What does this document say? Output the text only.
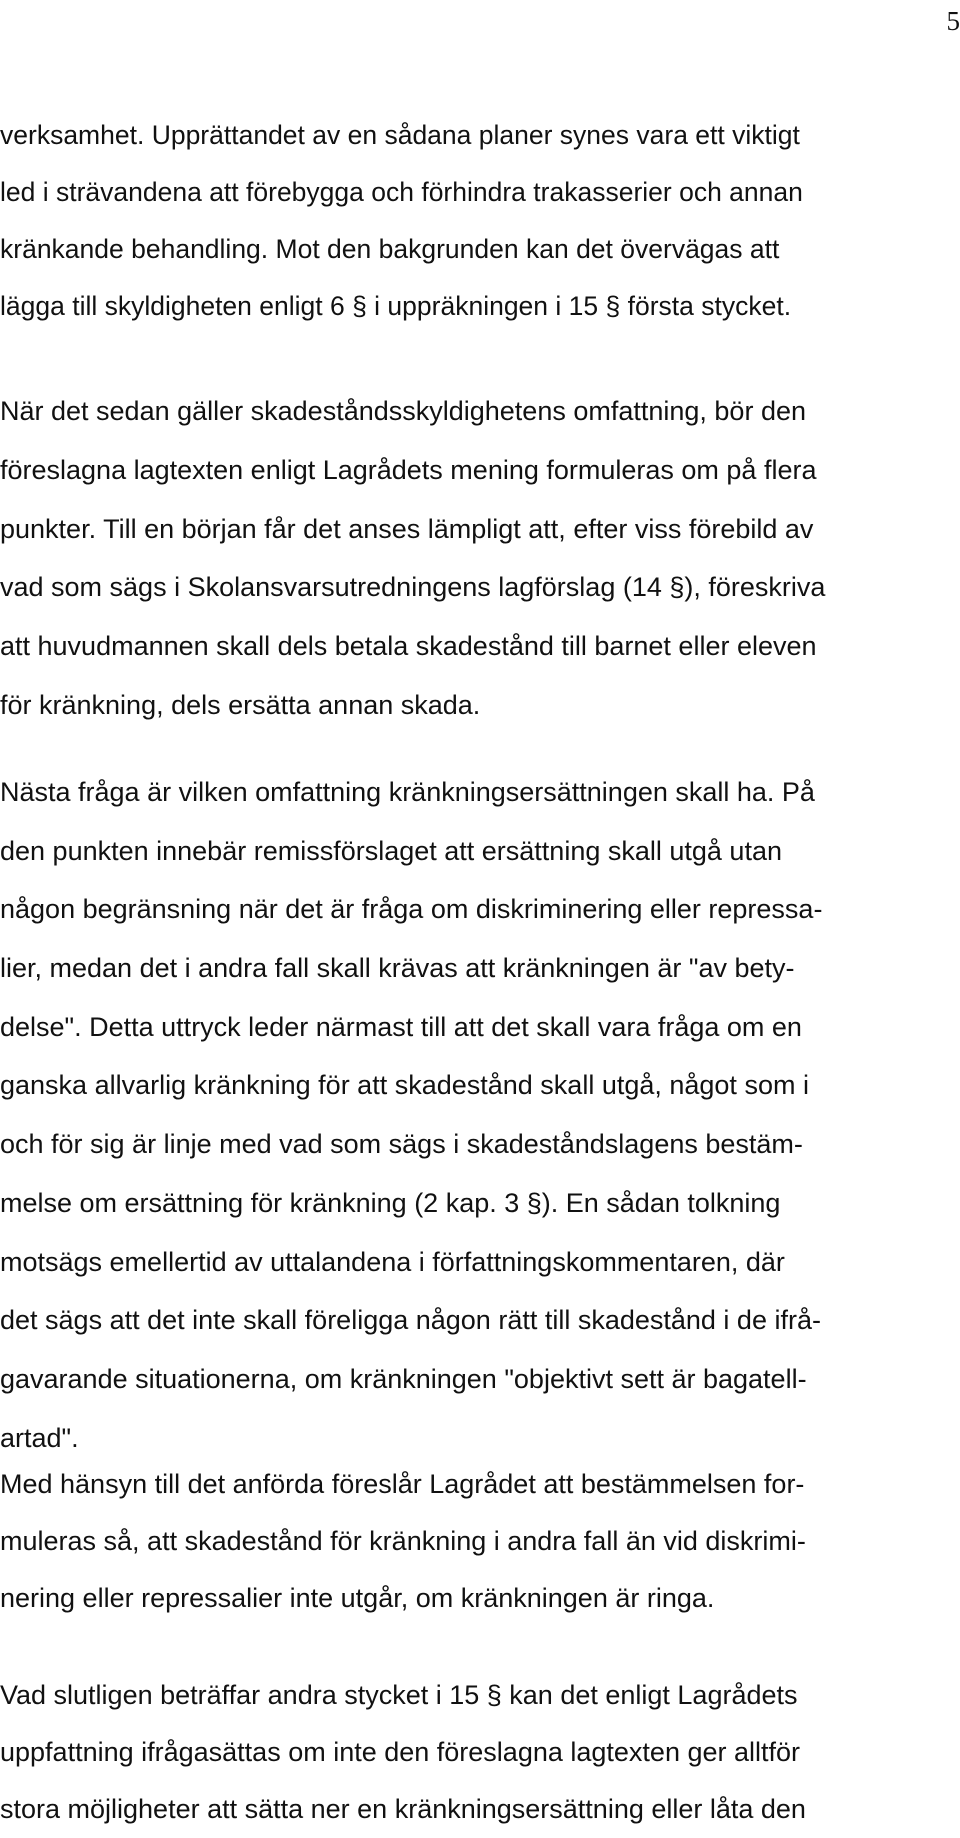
5
verksamhet. Upprättandet av en sådana planer synes vara ett viktigt
led i strävandena att förebygga och förhindra trakasserier och annan
kränkande behandling. Mot den bakgrunden kan det övervägas att
lägga till skyldigheten enligt 6 § i uppräkningen i 15 § första stycket.
När det sedan gäller skadeståndsskyldighetens omfattning, bör den
föreslagna lagtexten enligt Lagrådets mening formuleras om på flera
punkter. Till en början får det anses lämpligt att, efter viss förebild av
vad som sägs i Skolansvarsutredningens lagförslag (14 §), föreskriva
att huvudmannen skall dels betala skadestånd till barnet eller eleven
för kränkning, dels ersätta annan skada.
Nästa fråga är vilken omfattning kränkningsersättningen skall ha. På
den punkten innebär remissförslaget att ersättning skall utgå utan
någon begränsning när det är fråga om diskriminering eller repressa-
lier, medan det i andra fall skall krävas att kränkningen är "av bety-
delse". Detta uttryck leder närmast till att det skall vara fråga om en
ganska allvarlig kränkning för att skadestånd skall utgå, något som i
och för sig är linje med vad som sägs i skadeståndslagens bestäm-
melse om ersättning för kränkning (2 kap. 3 §). En sådan tolkning
motsägs emellertid av uttalandena i författningskommentaren, där
det sägs att det inte skall föreligga någon rätt till skadestånd i de ifrå-
gavarande situationerna, om kränkningen "objektivt sett är bagatell-
artad".
Med hänsyn till det anförda föreslår Lagrådet att bestämmelsen for-
muleras så, att skadestånd för kränkning i andra fall än vid diskrimi-
nering eller repressalier inte utgår, om kränkningen är ringa.
Vad slutligen beträffar andra stycket i 15 § kan det enligt Lagrådets
uppfattning ifrågasättas om inte den föreslagna lagtexten ger alltför
stora möjligheter att sätta ner en kränkningsersättning eller låta den
